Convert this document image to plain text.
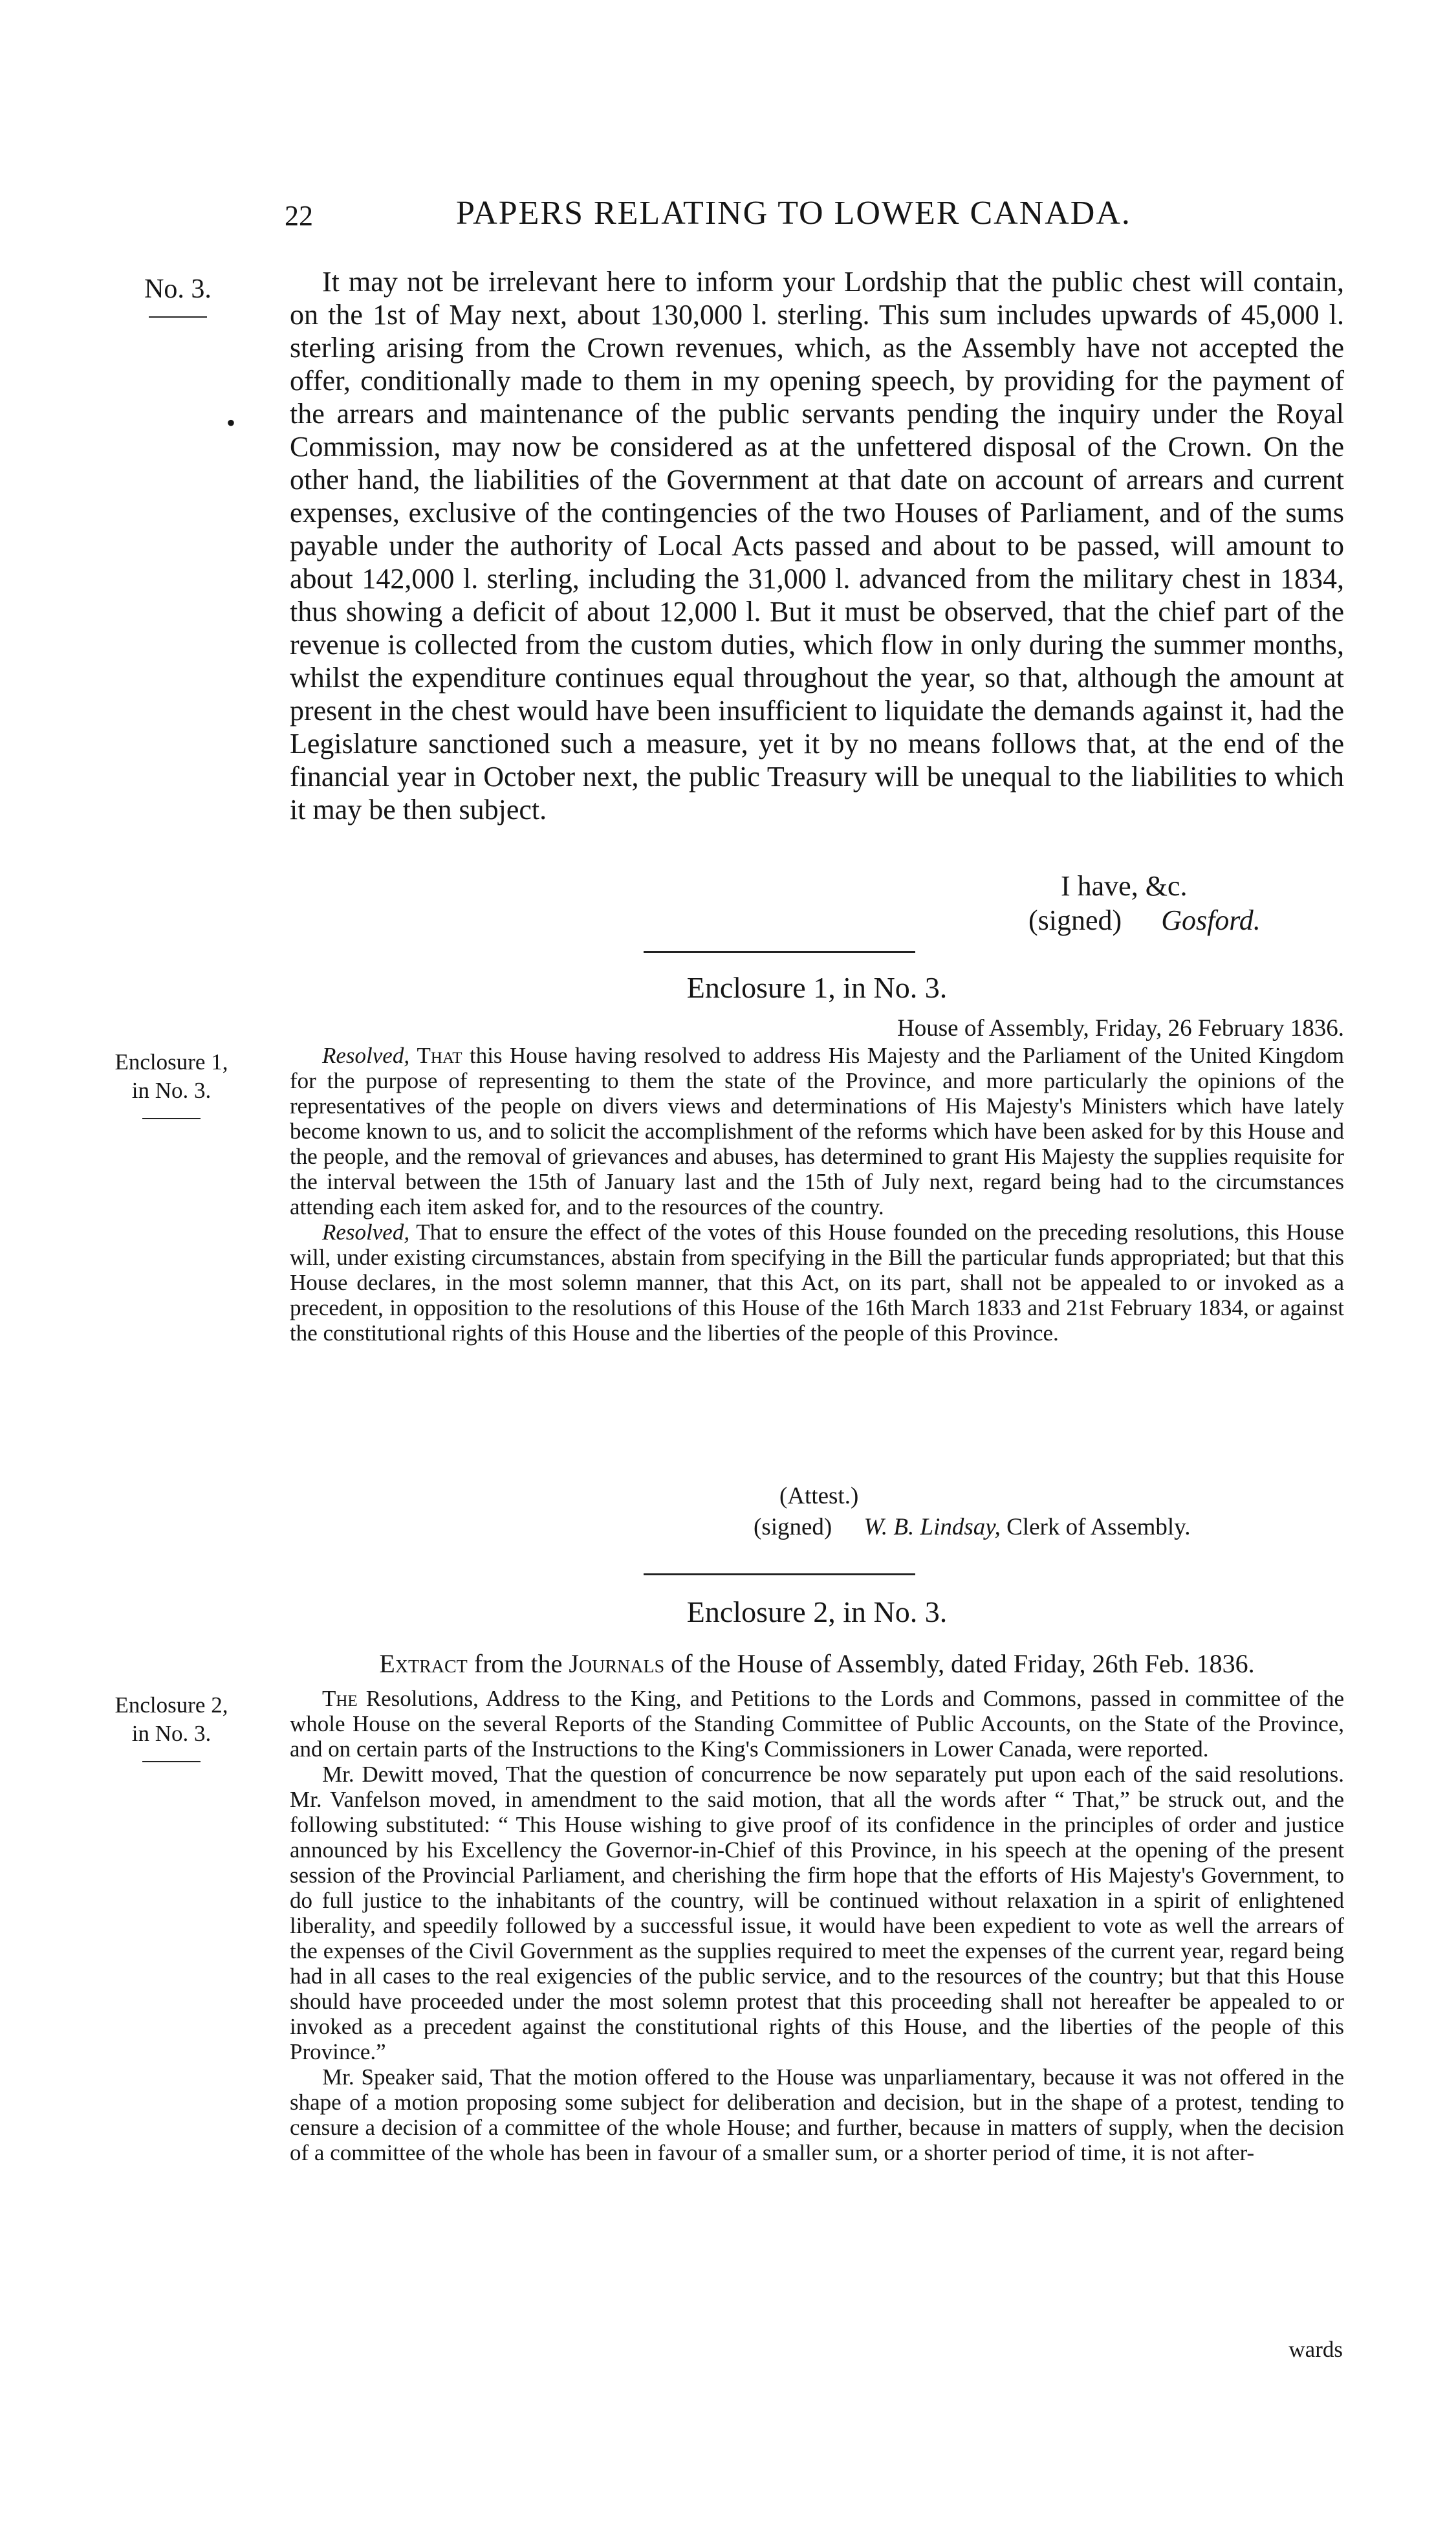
22	PAPERS RELATING TO LOWER CANADA.
No. 3.
•

It may not be irrelevant here to inform your Lordship that the public chest will contain, on the 1st of May next, about 130,000 l. sterling. This sum includes upwards of 45,000 l. sterling arising from the Crown revenues, which, as the Assembly have not accepted the offer, conditionally made to them in my opening speech, by providing for the payment of the arrears and maintenance of the public servants pending the inquiry under the Royal Commission, may now be considered as at the unfettered disposal of the Crown. On the other hand, the liabilities of the Government at that date on account of arrears and current expenses, exclusive of the contingencies of the two Houses of Parliament, and of the sums payable under the authority of Local Acts passed and about to be passed, will amount to about 142,000 l. sterling, including the 31,000 l. advanced from the military chest in 1834, thus showing a deficit of about 12,000 l. But it must be observed, that the chief part of the revenue is collected from the custom duties, which flow in only during the summer months, whilst the expenditure continues equal throughout the year, so that, although the amount at present in the chest would have been insufficient to liquidate the demands against it, had the Legislature sanctioned such a measure, yet it by no means follows that, at the end of the financial year in October next, the public Treasury will be unequal to the liabilities to which it may be then subject.

I have, &c.
(signed) Gosford.
Enclosure 1, in No. 3.
House of Assembly, Friday, 26 February 1836.
Enclosure 1,
in No. 3.

Resolved, That this House having resolved to address His Majesty and the Parliament of the United Kingdom for the purpose of representing to them the state of the Province, and more particularly the opinions of the representatives of the people on divers views and determinations of His Majesty's Ministers which have lately become known to us, and to solicit the accomplishment of the reforms which have been asked for by this House and the people, and the removal of grievances and abuses, has determined to grant His Majesty the supplies requisite for the interval between the 15th of January last and the 15th of July next, regard being had to the circumstances attending each item asked for, and to the resources of the country.

Resolved, That to ensure the effect of the votes of this House founded on the preceding resolutions, this House will, under existing circumstances, abstain from specifying in the Bill the particular funds appropriated; but that this House declares, in the most solemn manner, that this Act, on its part, shall not be appealed to or invoked as a precedent, in opposition to the resolutions of this House of the 16th March 1833 and 21st February 1834, or against the constitutional rights of this House and the liberties of the people of this Province.

(Attest.)
(signed) W. B. Lindsay, Clerk of Assembly.
Enclosure 2, in No. 3.
Extract from the Journals of the House of Assembly, dated Friday, 26th Feb. 1836.
Enclosure 2,
in No. 3.

The Resolutions, Address to the King, and Petitions to the Lords and Commons, passed in committee of the whole House on the several Reports of the Standing Committee of Public Accounts, on the State of the Province, and on certain parts of the Instructions to the King's Commissioners in Lower Canada, were reported.

Mr. Dewitt moved, That the question of concurrence be now separately put upon each of the said resolutions. Mr. Vanfelson moved, in amendment to the said motion, that all the words after “ That,” be struck out, and the following substituted: “ This House wishing to give proof of its confidence in the principles of order and justice announced by his Excellency the Governor-in-Chief of this Province, in his speech at the opening of the present session of the Provincial Parliament, and cherishing the firm hope that the efforts of His Majesty's Government, to do full justice to the inhabitants of the country, will be continued without relaxation in a spirit of enlightened liberality, and speedily followed by a successful issue, it would have been expedient to vote as well the arrears of the expenses of the Civil Government as the supplies required to meet the expenses of the current year, regard being had in all cases to the real exigencies of the public service, and to the resources of the country; but that this House should have proceeded under the most solemn protest that this proceeding shall not hereafter be appealed to or invoked as a precedent against the constitutional rights of this House, and the liberties of the people of this Province.”

Mr. Speaker said, That the motion offered to the House was unparliamentary, because it was not offered in the shape of a motion proposing some subject for deliberation and decision, but in the shape of a protest, tending to censure a decision of a committee of the whole House; and further, because in matters of supply, when the decision of a committee of the whole has been in favour of a smaller sum, or a shorter period of time, it is not after-

wards
